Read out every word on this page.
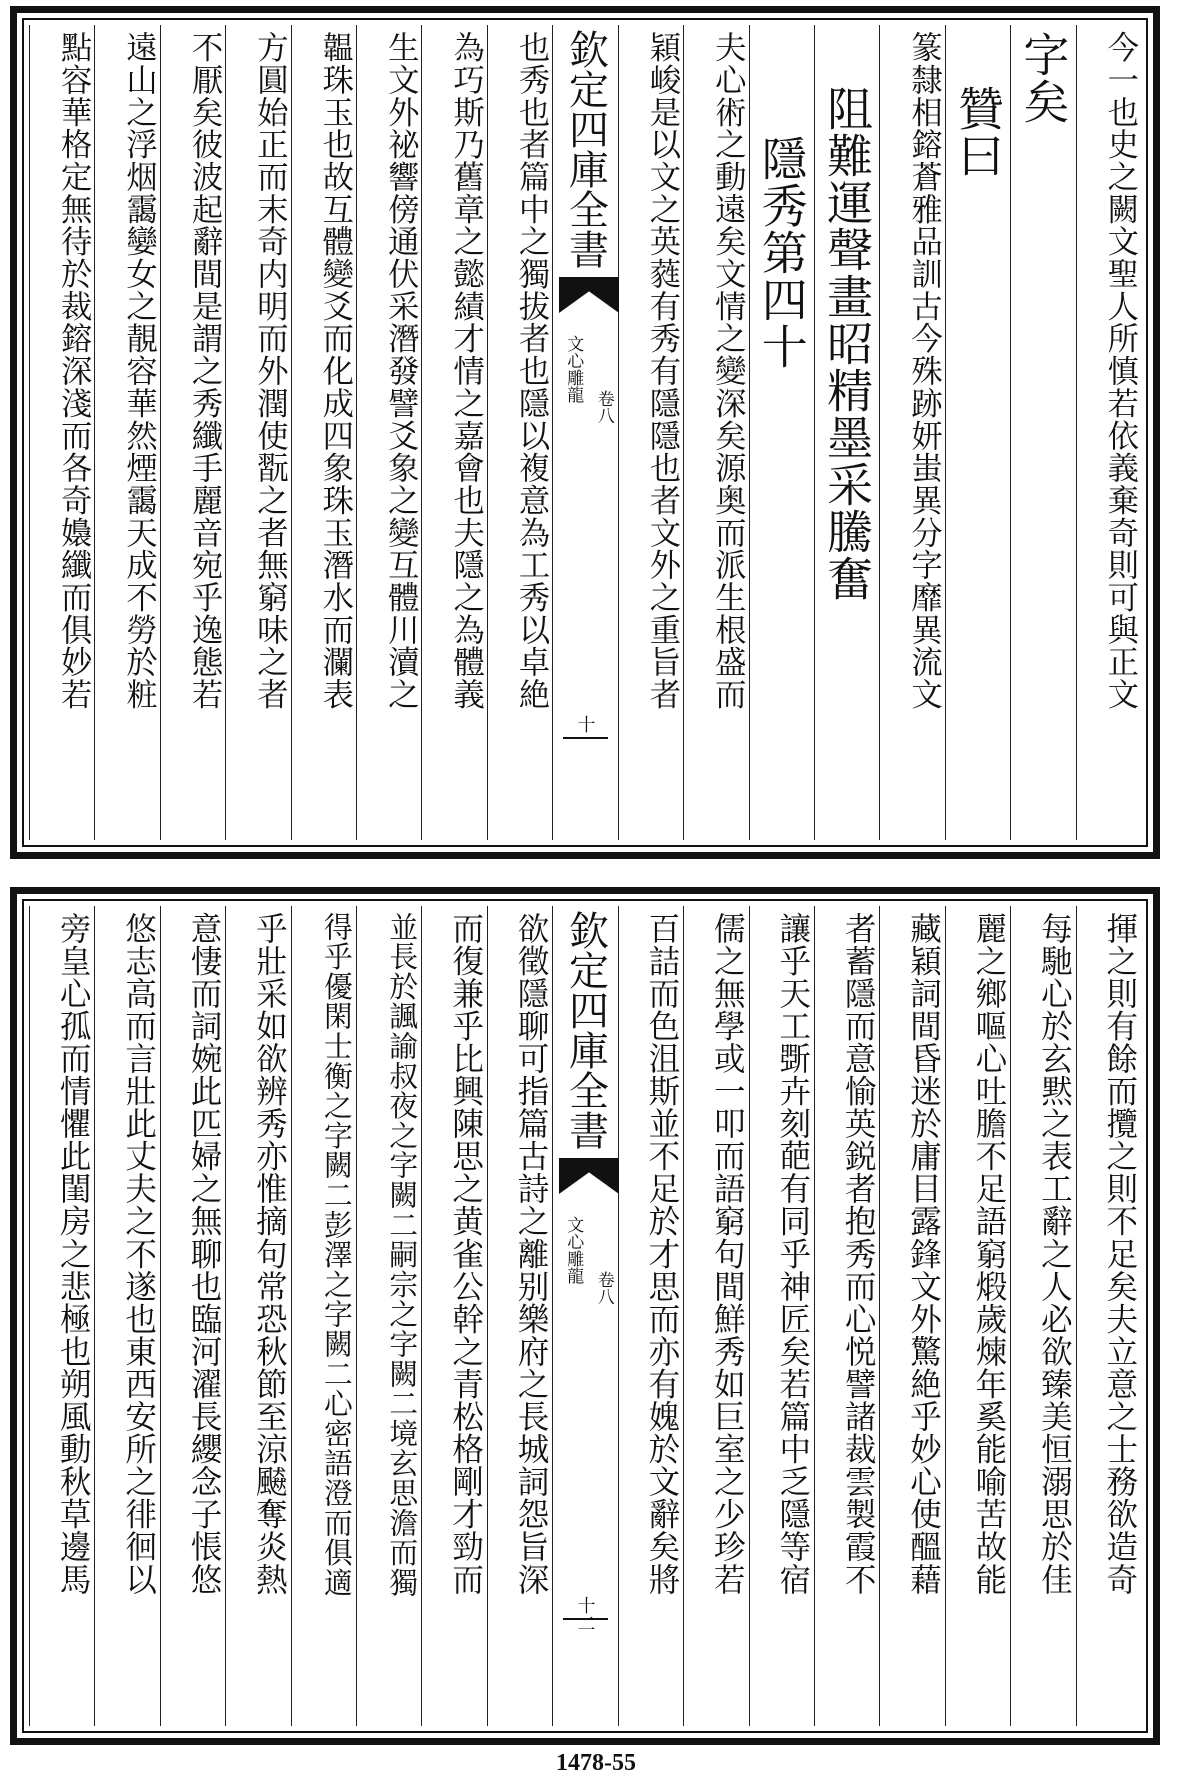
今一也史之闕文聖人所慎若依義棄奇則可與正文
字矣
贊曰
篆隸相鎔蒼雅品訓古今殊跡妍蚩異分字靡異流文
阻難運聲畫昭精墨采騰奮
隱秀第四十
夫心術之動遠矣文情之變深矣源奥而派生根盛而
穎峻是以文之英蕤有秀有隱隱也者文外之重旨者
欽定四庫全書
文心雕龍
卷八
十
也秀也者篇中之獨拔者也隱以複意為工秀以卓絶
為巧斯乃舊章之懿績才情之嘉會也夫隱之為體義
生文外祕響傍通伏采潛發譬爻象之變互體川瀆之
韞珠玉也故互體變爻而化成四象珠玉潛水而瀾表
方圓始正而末奇内明而外潤使翫之者無窮味之者
不厭矣彼波起辭間是謂之秀纖手麗音宛乎逸態若
遠山之浮烟靄孌女之靚容華然煙靄天成不勞於粧
點容華格定無待於裁鎔深淺而各奇嬝纖而俱妙若
揮之則有餘而攬之則不足矣夫立意之士務欲造奇
每馳心於玄黙之表工辭之人必欲臻美恒溺思於佳
麗之鄉嘔心吐膽不足語窮煅歲煉年奚能喻苦故能
藏穎詞間昏迷於庸目露鋒文外驚絶乎妙心使醞藉
者蓄隱而意愉英鋭者抱秀而心悦譬諸裁雲製霞不
讓乎天工斲卉刻葩有同乎神匠矣若篇中乏隱等宿
儒之無學或一叩而語窮句間鮮秀如巨室之少珍若
百詰而色沮斯並不足於才思而亦有媿於文辭矣將
欽定四庫全書
文心雕龍
卷八
十二
欲徵隱聊可指篇古詩之離别樂府之長城詞怨旨深
而復兼乎比興陳思之黄雀公幹之青松格剛才勁而
並長於諷諭叔夜之字闕二嗣宗之字闕二境玄思澹而獨
得乎優閑士衡之字闕二彭澤之字闕二心密語澄而俱適
乎壯采如欲辨秀亦惟摘句常恐秋節至涼飇奪炎熱
意悽而詞婉此匹婦之無聊也臨河濯長纓念子悵悠
悠志高而言壯此丈夫之不遂也東西安所之徘徊以
旁皇心孤而情懼此閨房之悲極也朔風動秋草邊馬
1478-55
